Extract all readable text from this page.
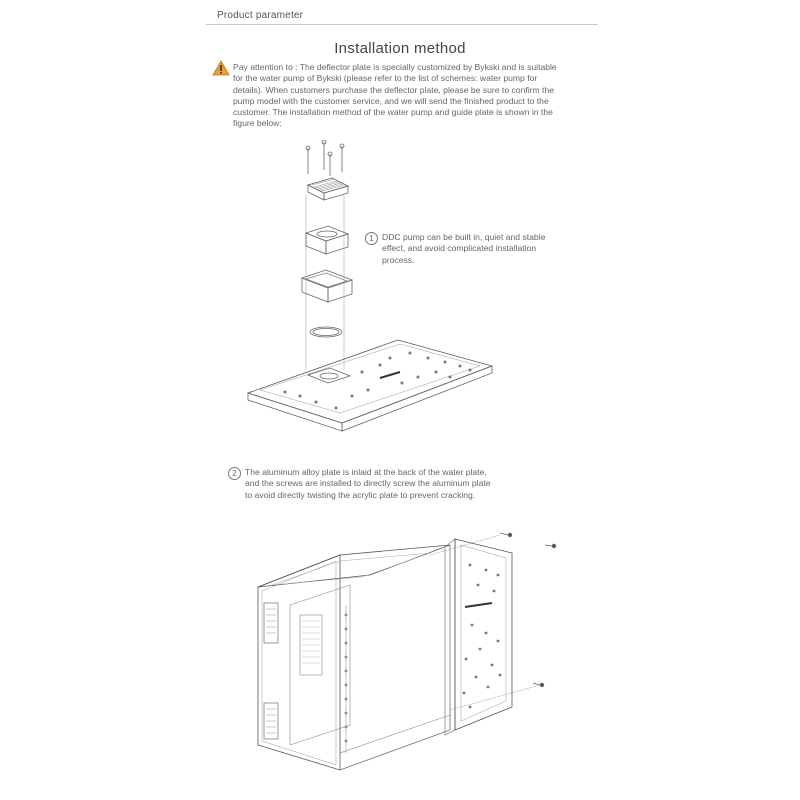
Product parameter
Installation method

Pay attention to : The deflector plate is specially customized by Bykski and is suitable
for the water pump of Bykski (please refer to the list of schemes: water pump for
details). When customers purchase the deflector plate, please be sure to confirm the
pump model with the customer service, and we will send the finished product to the
customer. The installation method of the water pump and guide plate is shown in the
figure below:

1 DDC pump can be built in, quiet and stable
effect, and avoid complicated installation
process.

2 The aluminum alloy plate is inlaid at the back of the water plate,
and the screws are installed to directly screw the aluminum plate
to avoid directly twisting the acrylic plate to prevent cracking.
